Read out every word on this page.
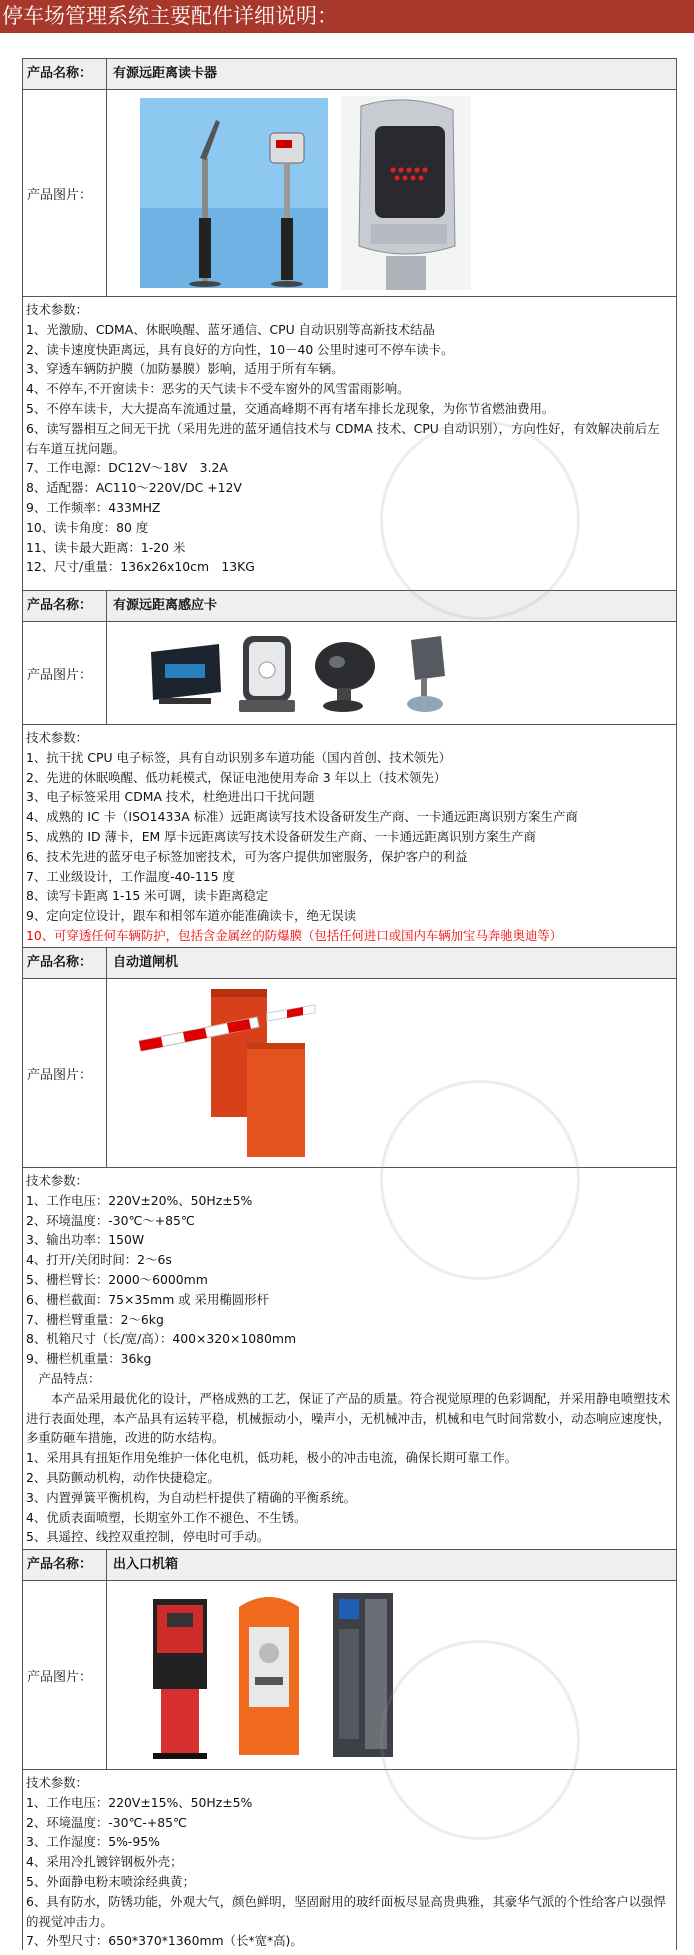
停车场管理系统主要配件详细说明：
产品名称：	有源远距离读卡器
产品图片：
技术参数：
1、光激励、CDMA、休眠唤醒、蓝牙通信、CPU 自动识别等高新技术结晶
2、读卡速度快距离远，具有良好的方向性，10－40 公里时速可不停车读卡。
3、穿透车辆防护膜（加防暴膜）影响，适用于所有车辆。
4、不停车,不开窗读卡：恶劣的天气读卡不受车窗外的风雪雷雨影响。
5、不停车读卡，大大提高车流通过量，交通高峰期不再有堵车排长龙现象，为你节省燃油费用。
6、读写器相互之间无干扰（采用先进的蓝牙通信技术与 CDMA 技术、CPU 自动识别），方向性好，有效解决前后左右车道互扰问题。
7、工作电源：DC12V～18V　3.2A
8、适配器：AC110～220V/DC +12V
9、工作频率：433MHZ
10、读卡角度：80 度
11、读卡最大距离：1-20 米
12、尺寸/重量：136x26x10cm　13KG
产品名称：	有源远距离感应卡
产品图片：
技术参数：
1、抗干扰 CPU 电子标签，具有自动识别多车道功能（国内首创、技术领先）
2、先进的休眠唤醒、低功耗模式，保证电池使用寿命 3 年以上（技术领先）
3、电子标签采用 CDMA 技术，杜绝进出口干扰问题
4、成熟的 IC 卡（ISO1433A 标准）远距离读写技术设备研发生产商、一卡通远距离识别方案生产商
5、成熟的 ID 薄卡，EM 厚卡远距离读写技术设备研发生产商、一卡通远距离识别方案生产商
6、技术先进的蓝牙电子标签加密技术，可为客户提供加密服务，保护客户的利益
7、工业级设计，工作温度-40-115 度
8、读写卡距离 1-15 米可调，读卡距离稳定
9、定向定位设计，跟车和相邻车道亦能准确读卡，绝无误读
10、可穿透任何车辆防护，包括含金属丝的防爆膜（包括任何进口或国内车辆加宝马奔驰奥迪等）
产品名称：	自动道闸机
产品图片：
技术参数：
1、工作电压：220V±20%、50Hz±5%
2、环境温度：-30℃～+85℃
3、输出功率：150W
4、打开/关闭时间：2～6s
5、栅栏臂长：2000～6000mm
6、栅栏截面：75×35mm 或 采用椭圆形杆
7、栅栏臂重量：2～6kg
8、机箱尺寸（长/宽/高）：400×320×1080mm
9、栅栏机重量：36kg
　产品特点：
本产品采用最优化的设计，严格成熟的工艺，保证了产品的质量。符合视觉原理的色彩调配，并采用静电喷塑技术进行表面处理，本产品具有运转平稳，机械振动小，噪声小，无机械冲击，机械和电气时间常数小，动态响应速度快，多重防砸车措施，改进的防水结构。
1、采用具有扭矩作用免维护一体化电机，低功耗，极小的冲击电流，确保长期可靠工作。
2、具防颤动机构，动作快捷稳定。
3、内置弹簧平衡机构，为自动栏杆提供了精确的平衡系统。
4、优质表面喷塑，长期室外工作不褪色、不生锈。
5、具遥控、线控双重控制，停电时可手动。
产品名称：	出入口机箱
产品图片：
技术参数：
1、工作电压：220V±15%、50Hz±5%
2、环境温度：-30℃-+85℃
3、工作湿度：5%-95%
4、采用冷扎镀锌钢板外壳；
5、外面静电粉末喷涂经典黄；
6、具有防水，防锈功能，外观大气，颜色鲜明，坚固耐用的玻纤面板尽显高贵典雅，其豪华气派的个性给客户以强悍的视觉冲击力。
7、外型尺寸：650*370*1360mm（长*宽*高)。
